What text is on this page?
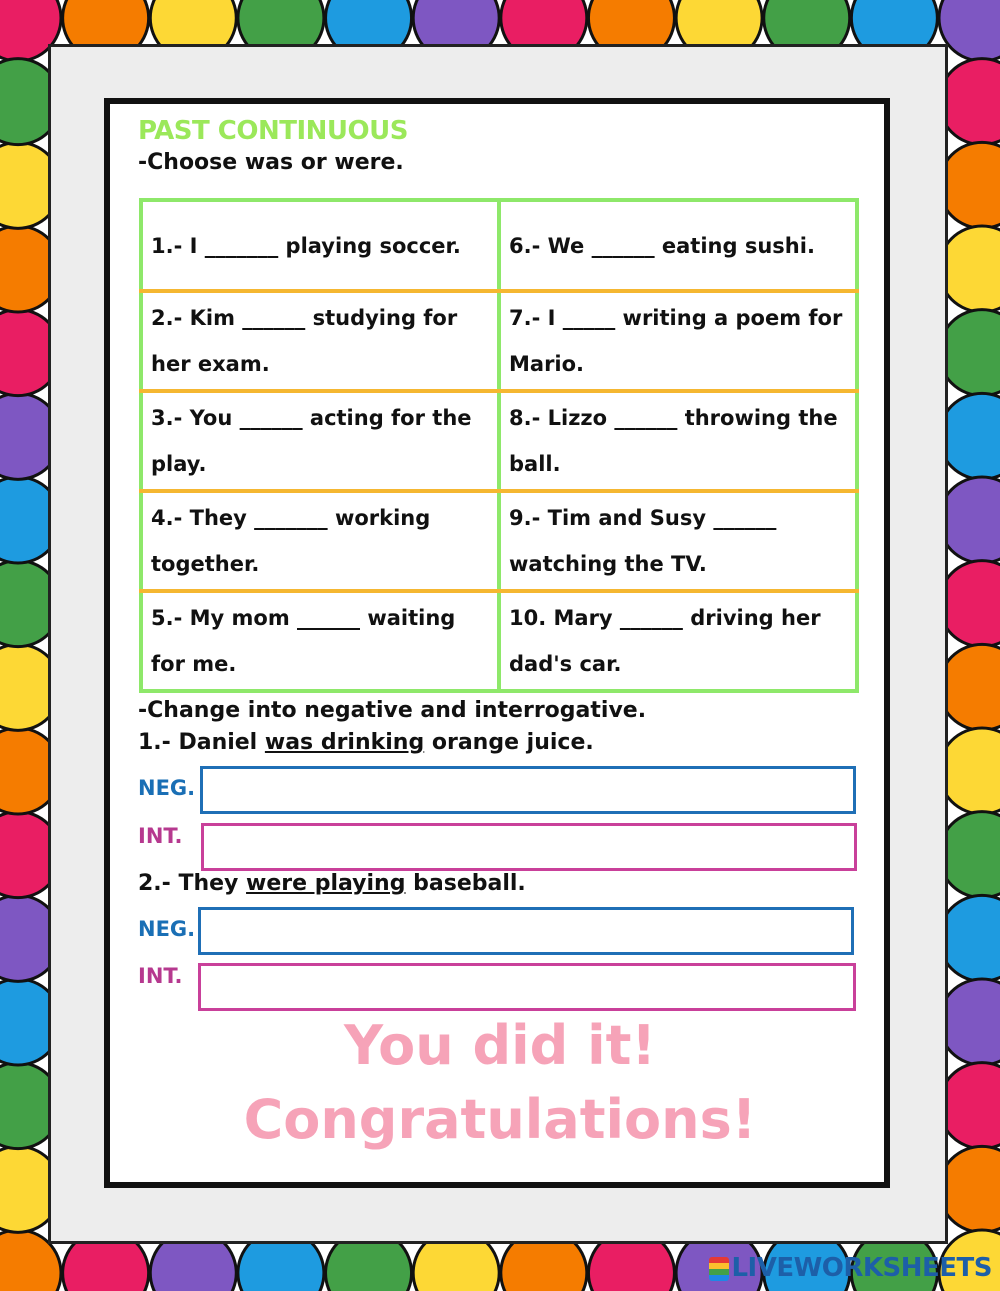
PAST CONTINUOUS
-Choose was or were.
1.- I _______ playing soccer.	6.- We ______ eating sushi.
2.- Kim ______ studying for her exam.	7.- I _____ writing a poem for Mario.
3.- You ______ acting for the play.	8.- Lizzo ______ throwing the ball.
4.- They _______ working together.	9.- Tim and Susy ______ watching the TV.
5.- My mom ______ waiting for me.	10. Mary ______ driving her dad's car.
-Change into negative and interrogative.
1.- Daniel was drinking orange juice.
NEG.
INT.
2.- They were playing baseball.
NEG.
INT.
You did it!
Congratulations!
LIVEWORKSHEETS
